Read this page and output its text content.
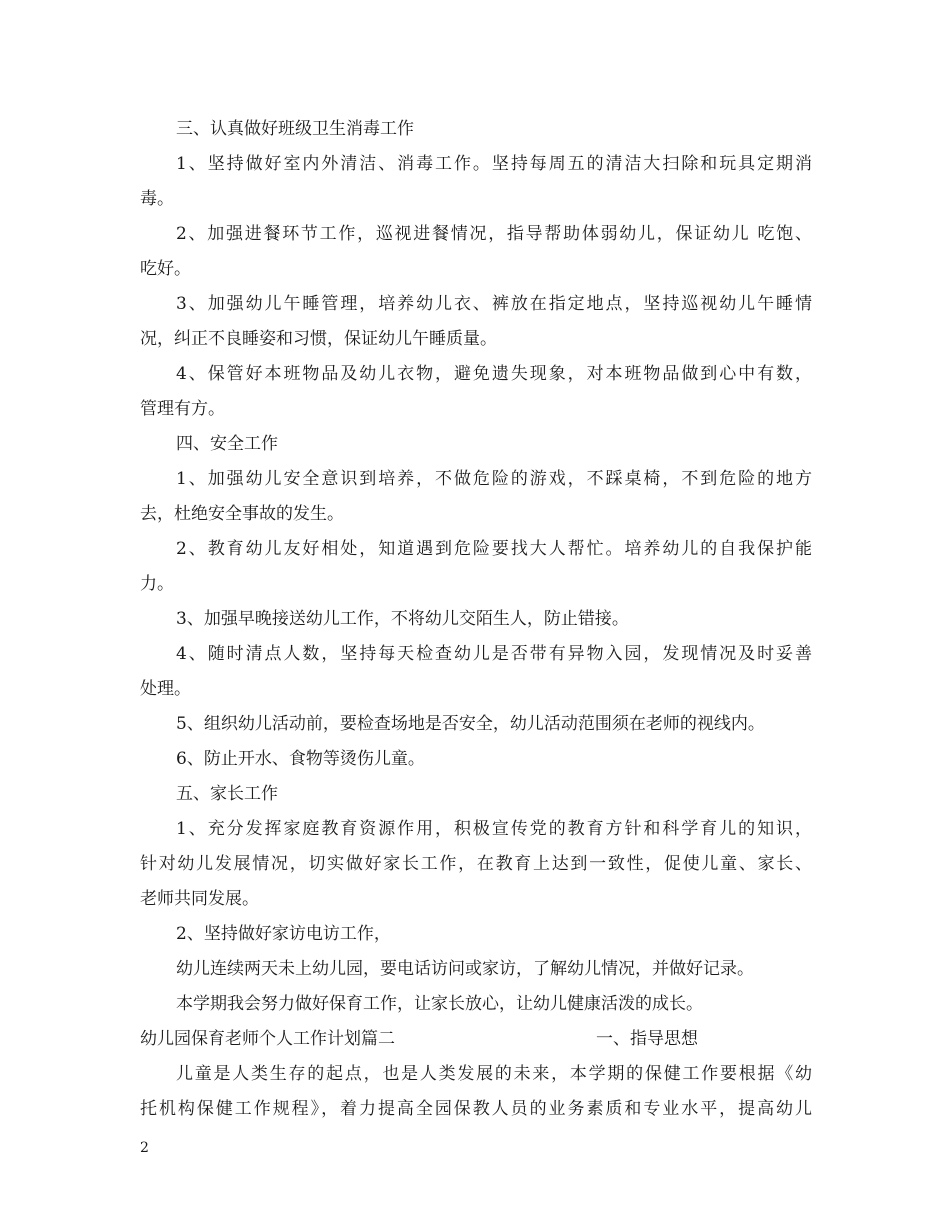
三、认真做好班级卫生消毒工作
1、坚持做好室内外清洁、消毒工作。坚持每周五的清洁大扫除和玩具定期消
毒。
2、加强进餐环节工作，巡视进餐情况，指导帮助体弱幼儿，保证幼儿 吃饱、
吃好。
3、加强幼儿午睡管理，培养幼儿衣、裤放在指定地点，坚持巡视幼儿午睡情
况，纠正不良睡姿和习惯，保证幼儿午睡质量。
4、保管好本班物品及幼儿衣物，避免遗失现象，对本班物品做到心中有数，
管理有方。
四、安全工作
1、加强幼儿安全意识到培养，不做危险的游戏，不踩桌椅，不到危险的地方
去，杜绝安全事故的发生。
2、教育幼儿友好相处，知道遇到危险要找大人帮忙。培养幼儿的自我保护能
力。
3、加强早晚接送幼儿工作，不将幼儿交陌生人，防止错接。
4、随时清点人数，坚持每天检查幼儿是否带有异物入园，发现情况及时妥善
处理。
5、组织幼儿活动前，要检查场地是否安全，幼儿活动范围须在老师的视线内。
6、防止开水、食物等烫伤儿童。
五、家长工作
1、充分发挥家庭教育资源作用，积极宣传党的教育方针和科学育儿的知识，
针对幼儿发展情况，切实做好家长工作，在教育上达到一致性，促使儿童、家长、
老师共同发展。
2、坚持做好家访电访工作，
幼儿连续两天未上幼儿园，要电话访问或家访，了解幼儿情况，并做好记录。
本学期我会努力做好保育工作，让家长放心，让幼儿健康活泼的成长。
幼儿园保育老师个人工作计划篇二	一、指导思想
儿童是人类生存的起点，也是人类发展的未来，本学期的保健工作要根据《幼
托机构保健工作规程》，着力提高全园保教人员的业务素质和专业水平，提高幼儿
2
